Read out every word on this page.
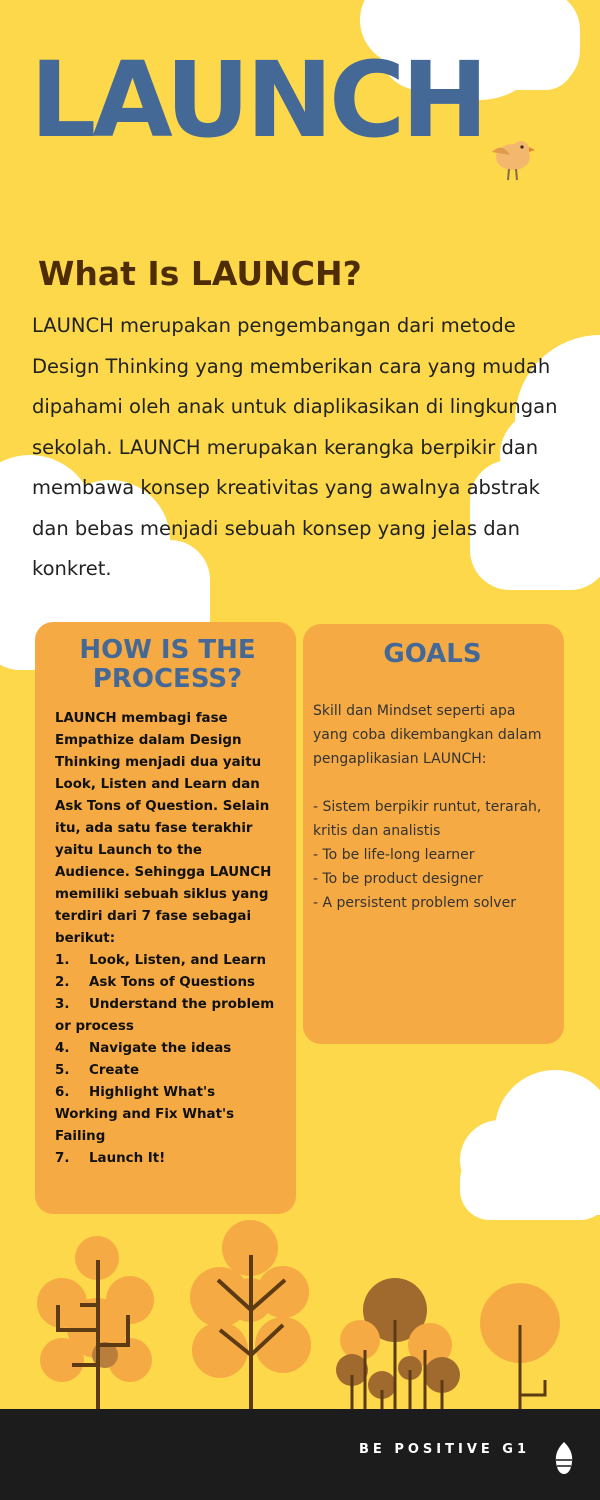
LAUNCH
What Is LAUNCH?

LAUNCH merupakan pengembangan dari metode Design Thinking yang memberikan cara yang mudah dipahami oleh anak untuk diaplikasikan di lingkungan sekolah. LAUNCH merupakan kerangka berpikir dan membawa konsep kreativitas yang awalnya abstrak dan bebas menjadi sebuah konsep yang jelas dan konkret.

HOW IS THE PROCESS?

LAUNCH membagi fase Empathize dalam Design Thinking menjadi dua yaitu Look, Listen and Learn dan Ask Tons of Question. Selain itu, ada satu fase terakhir yaitu Launch to the Audience. Sehingga LAUNCH memiliki sebuah siklus yang terdiri dari 7 fase sebagai berikut:

1. Look, Listen, and Learn
2. Ask Tons of Questions
3. Understand the problem or process
4. Navigate the ideas
5. Create
6. Highlight What's Working and Fix What's Failing
7. Launch It!
GOALS

Skill dan Mindset seperti apa yang coba dikembangkan dalam pengaplikasian LAUNCH:

- Sistem berpikir runtut, terarah, kritis dan analistis
- To be life-long learner
- To be product designer
- A persistent problem solver

BE POSITIVE G1
